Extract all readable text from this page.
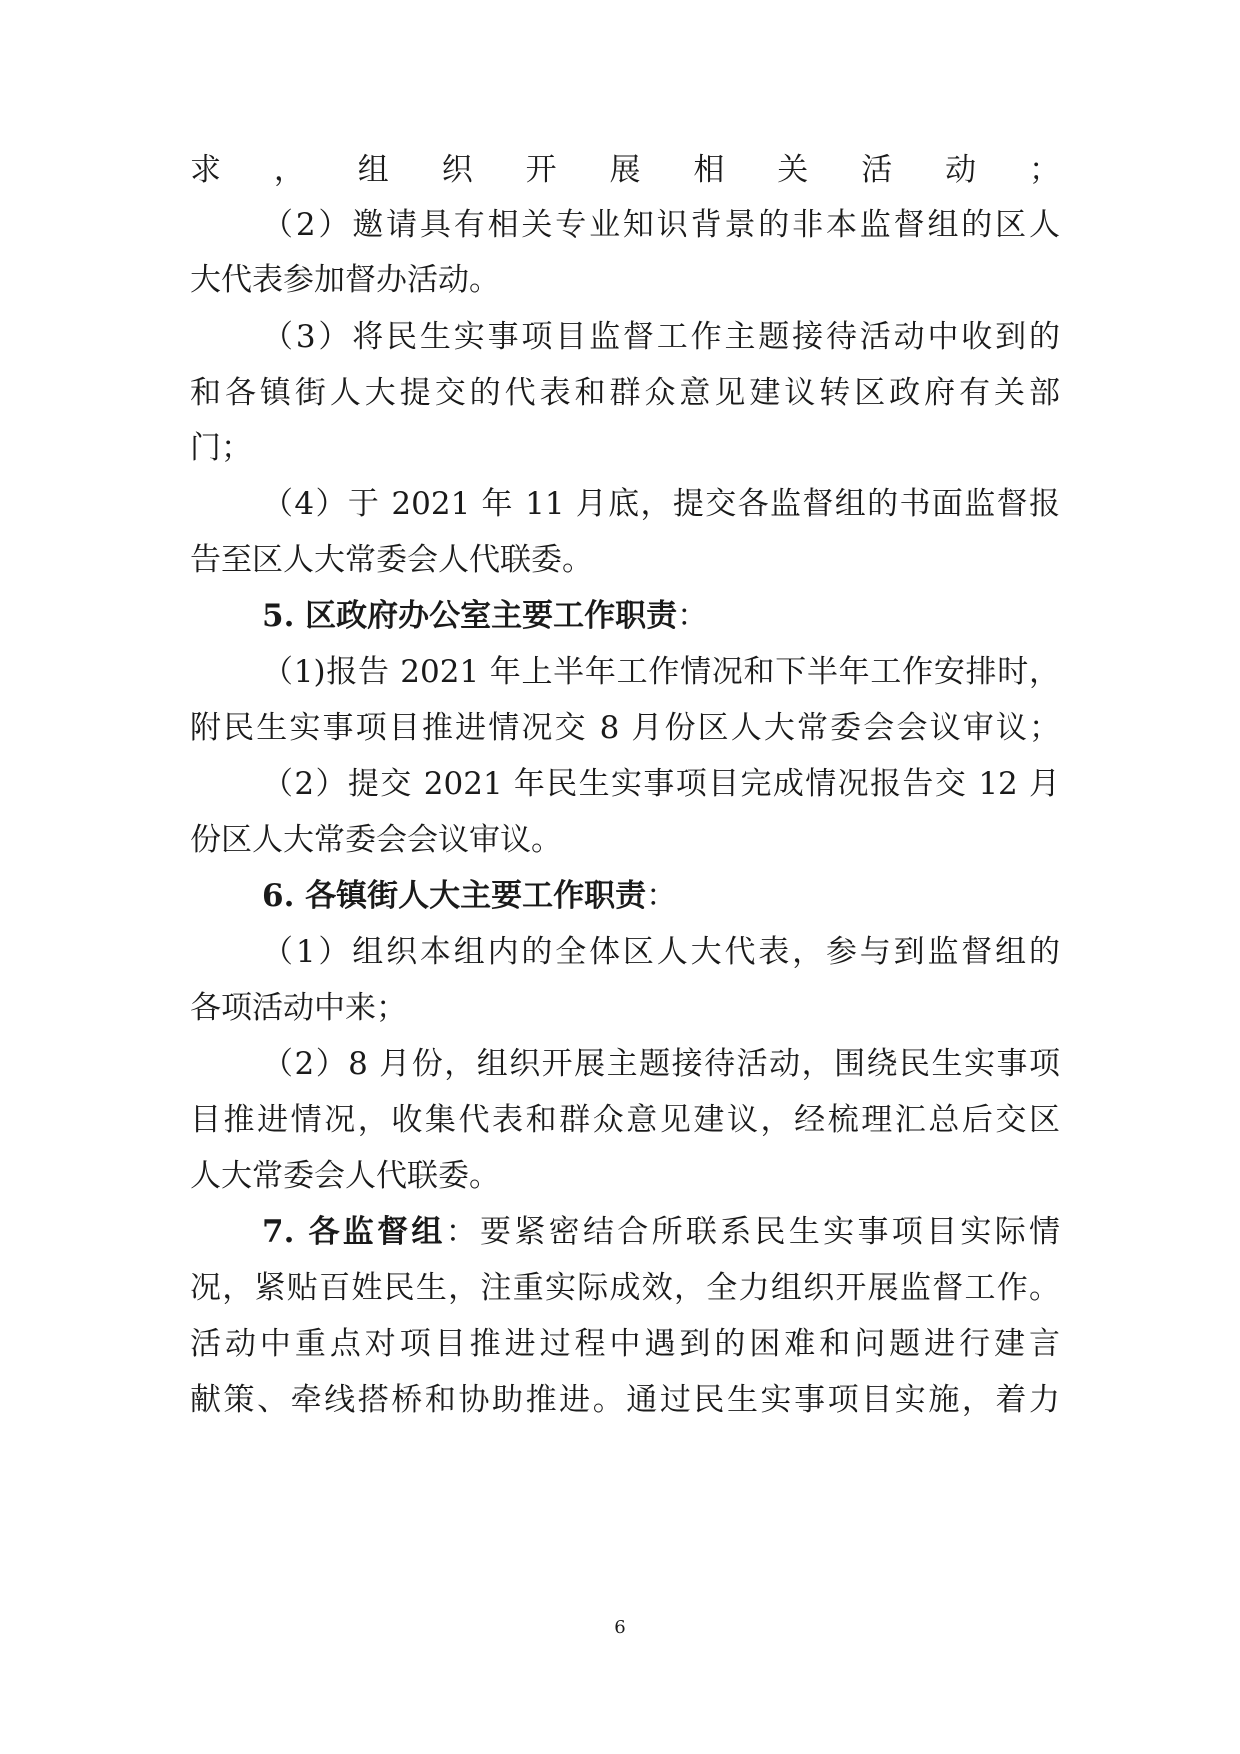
求，组织开展相关活动；
（2）邀请具有相关专业知识背景的非本监督组的区人
大代表参加督办活动。
（3）将民生实事项目监督工作主题接待活动中收到的
和各镇街人大提交的代表和群众意见建议转区政府有关部
门；
（4）于 2021 年 11 月底，提交各监督组的书面监督报
告至区人大常委会人代联委。
5. 区政府办公室主要工作职责：
（1)报告 2021 年上半年工作情况和下半年工作安排时，
附民生实事项目推进情况交 8 月份区人大常委会会议审议；
（2）提交 2021 年民生实事项目完成情况报告交 12 月
份区人大常委会会议审议。
6. 各镇街人大主要工作职责：
（1）组织本组内的全体区人大代表，参与到监督组的
各项活动中来；
（2）8 月份，组织开展主题接待活动，围绕民生实事项
目推进情况，收集代表和群众意见建议，经梳理汇总后交区
人大常委会人代联委。
7. 各监督组：要紧密结合所联系民生实事项目实际情
况，紧贴百姓民生，注重实际成效，全力组织开展监督工作。
活动中重点对项目推进过程中遇到的困难和问题进行建言
献策、牵线搭桥和协助推进。通过民生实事项目实施，着力
6
